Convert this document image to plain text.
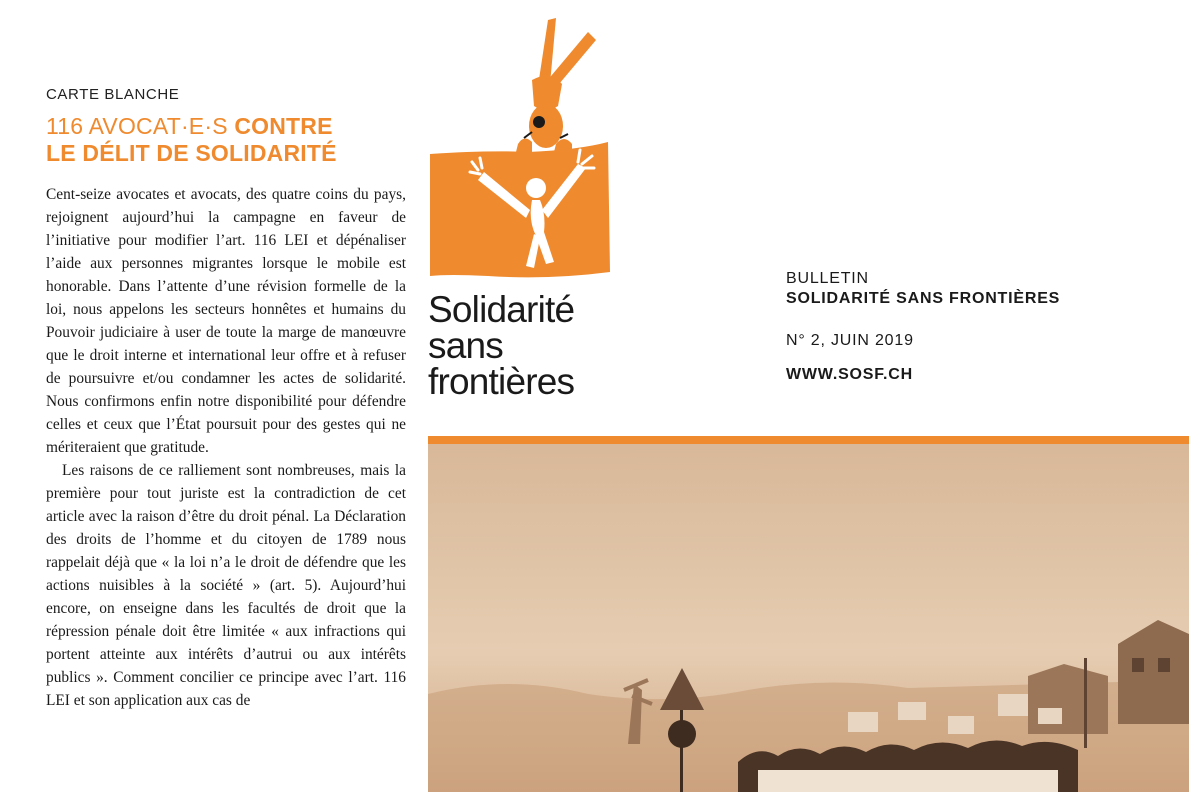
CARTE BLANCHE
116 AVOCAT·E·S CONTRE
LE DÉLIT DE SOLIDARITÉ

Cent-seize avocates et avocats, des quatre coins du pays, rejoignent aujourd’hui la campagne en faveur de l’initiative pour modifier l’art. 116 LEI et dépénaliser l’aide aux personnes migrantes lorsque le mobile est honorable. Dans l’attente d’une révision formelle de la loi, nous appelons les secteurs honnêtes et humains du Pouvoir judiciaire à user de toute la marge de manœuvre que le droit interne et international leur offre et à refuser de poursuivre et/ou condamner les actes de solidarité. Nous confirmons enfin notre disponibilité pour défendre celles et ceux que l’État poursuit pour des gestes qui ne mériteraient que gratitude.

Les raisons de ce ralliement sont nombreuses, mais la première pour tout juriste est la contradiction de cet article avec la raison d’être du droit pénal. La Déclaration des droits de l’homme et du citoyen de 1789 nous rappelait déjà que « la loi n’a le droit de défendre que les actions nuisibles à la société » (art. 5). Aujourd’hui encore, on enseigne dans les facultés de droit que la répression pénale doit être limitée « aux infractions qui portent atteinte aux intérêts d’autrui ou aux intérêts publics ». Comment concilier ce principe avec l’art. 116 LEI et son application aux cas de

Solidarité
sans
frontières
BULLETIN
SOLIDARITÉ SANS FRONTIÈRES
N° 2, JUIN 2019
WWW.SOSF.CH
